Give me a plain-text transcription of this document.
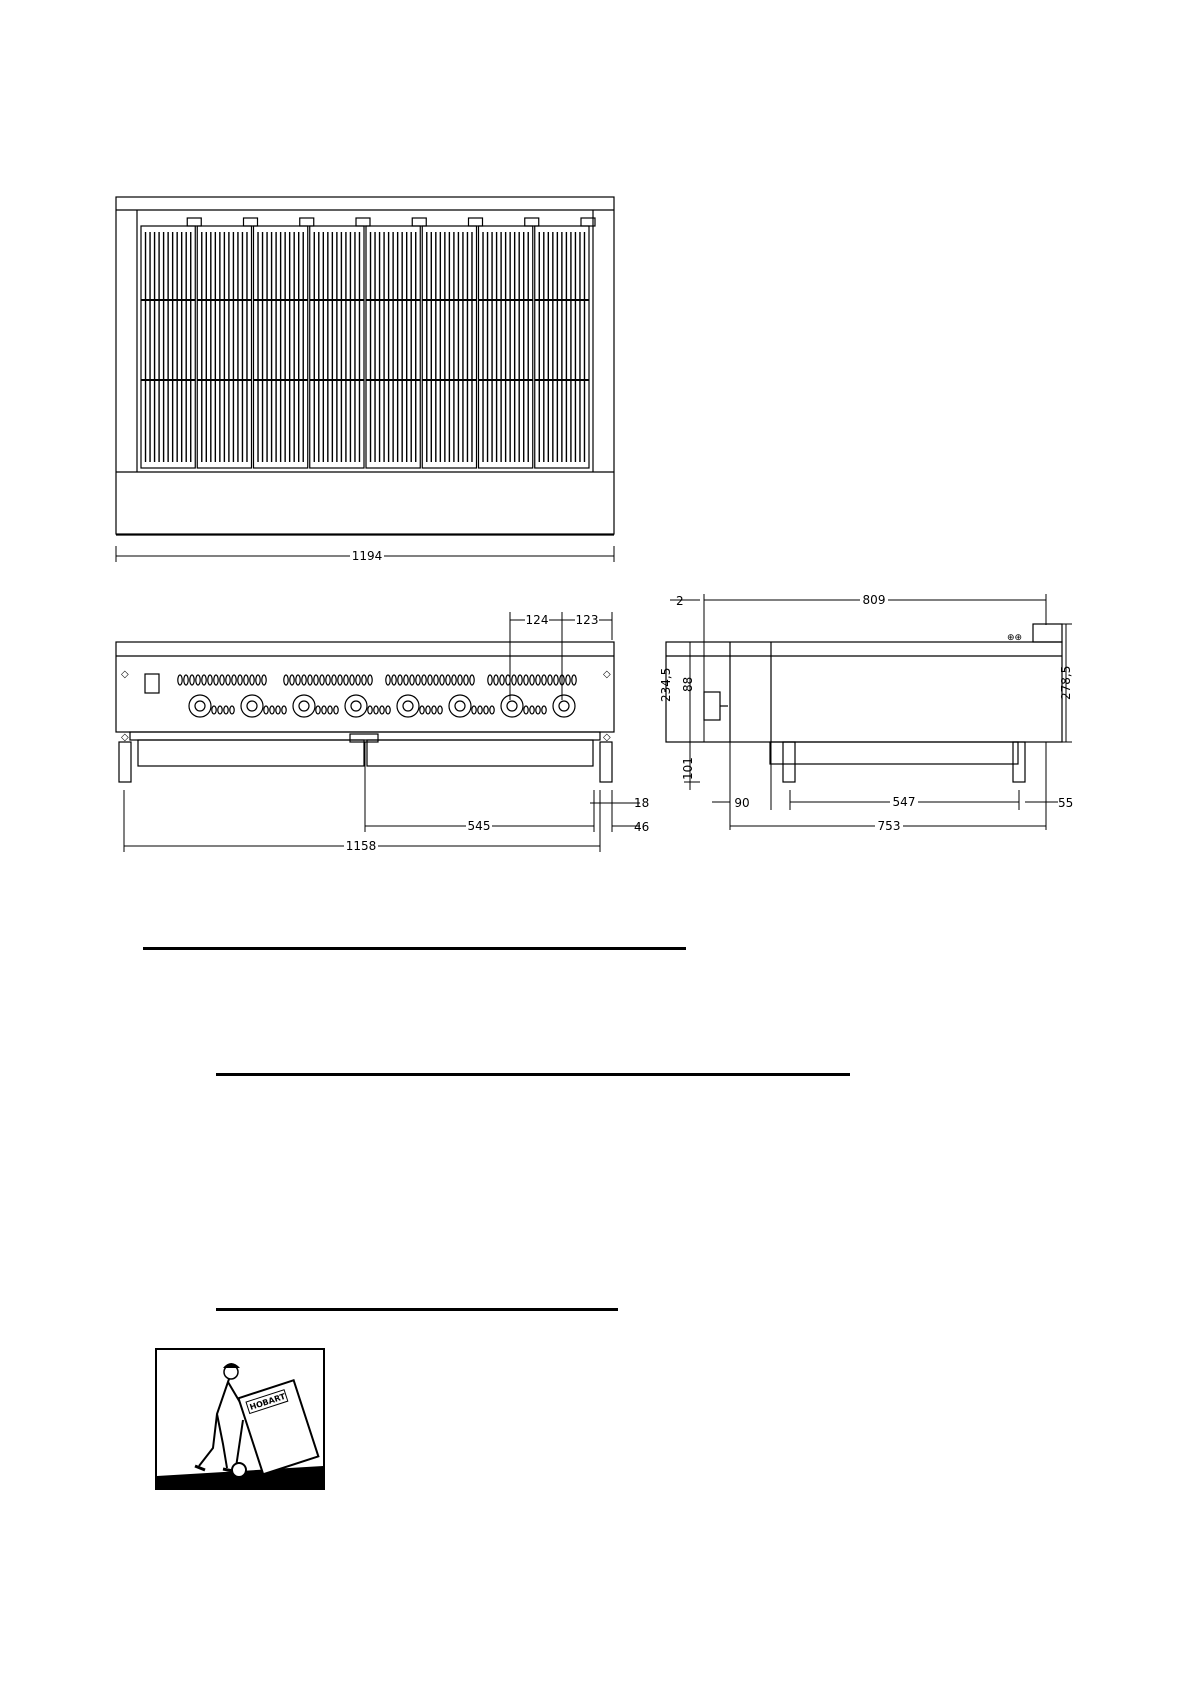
1194
◇	◇
◇	◇
124 123
545
1158
18
46
⊕⊕
2	809
234,5	278,5
88
101
90	547	55
753
HOBART
